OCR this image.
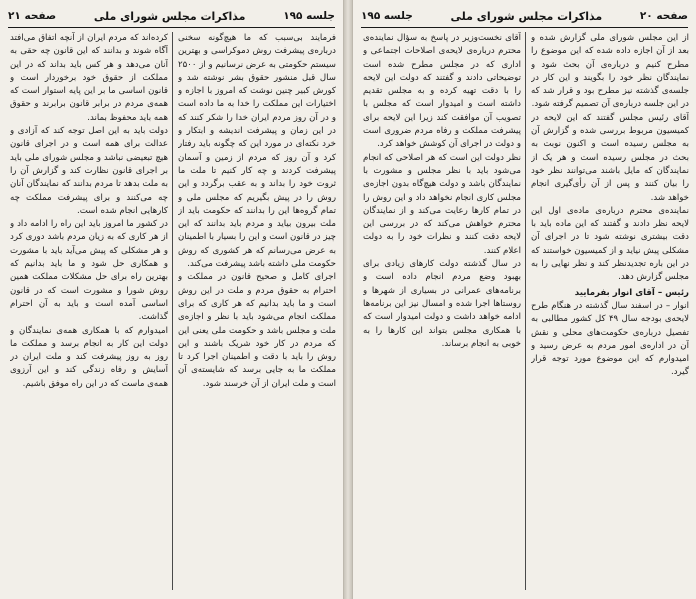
جلسه ۱۹۵
مذاکرات مجلس شورای ملی
صفحه ۲۱

فرمایند بی‌سبب که ما هیچ‌گونه سخنی درباره‌ی پیشرفت روش دموکراسی و بهترین سیستم حکومتی به عرض نرسانیم و از ۲۵۰۰ سال قبل منشور حقوق بشر نوشته شد و کورش کبیر چنین نوشت که امروز با اجازه و اختیارات این مملکت را خدا به ما داده است و در آن روز مردم ایران خدا را شکر کنند که در این زمان و پیشرفت اندیشه و ابتکار و خرد نکته‌ای در مورد این که چگونه باید رفتار کرد و آن روز که مردم از زمین و آسمان پیشرفت کردند و چه کار کنیم تا ملت ما ثروت خود را بداند و به عقب برگردد و این روش را در پیش بگیریم که مجلس ملی و تمام گروه‌ها این را بدانند که حکومت باید از ملت بیرون بیاید و مردم باید بدانند که این چیز در قانون است و این را بسیار با اطمینان به عرض می‌رسانم که هر کشوری که روش حکومت ملی داشته باشد پیشرفت می‌کند.

اجرای کامل و صحیح قانون در مملکت و احترام به حقوق مردم و ملت در این روش است و ما باید بدانیم که هر کاری که برای مملکت انجام می‌شود باید با نظر و اجازه‌ی ملت و مجلس باشد و حکومت ملی یعنی این که مردم در کار خود شریک باشند و این روش را باید با دقت و اطمینان اجرا کرد تا مملکت ما به جایی برسد که شایسته‌ی آن است و ملت ایران از آن خرسند شود.

کرده‌اند که مردم ایران از آنچه اتفاق می‌افتد آگاه شوند و بدانند که این قانون چه حقی به آنان می‌دهد و هر کس باید بداند که در این مملکت از حقوق خود برخوردار است و قانون اساسی ما بر این پایه استوار است که همه‌ی مردم در برابر قانون برابرند و حقوق همه باید محفوظ بماند.

دولت باید به این اصل توجه کند که آزادی و عدالت برای همه است و در اجرای قانون هیچ تبعیضی نباشد و مجلس شورای ملی باید بر اجرای قانون نظارت کند و گزارش آن را به ملت بدهد تا مردم بدانند که نمایندگان آنان چه می‌کنند و برای پیشرفت مملکت چه کارهایی انجام شده است.

در کشور ما امروز باید این راه را ادامه داد و از هر کاری که به زیان مردم باشد دوری کرد و هر مشکلی که پیش می‌آید باید با مشورت و همکاری حل شود و ما باید بدانیم که بهترین راه برای حل مشکلات مملکت همین روش شورا و مشورت است که در قانون اساسی آمده است و باید به آن احترام گذاشت.

امیدوارم که با همکاری همه‌ی نمایندگان و دولت این کار به انجام برسد و مملکت ما روز به روز پیشرفت کند و ملت ایران در آسایش و رفاه زندگی کند و این آرزوی همه‌ی ماست که در این راه موفق باشیم.

صفحه ۲۰
مذاکرات مجلس شورای ملی
جلسه ۱۹۵

از این مجلس شورای ملی گزارش شده و بعد از آن اجازه داده شده که این موضوع را مطرح کنیم و درباره‌ی آن بحث شود و نمایندگان نظر خود را بگویند و این کار در جلسه‌ی گذشته نیز مطرح بود و قرار شد که در این جلسه درباره‌ی آن تصمیم گرفته شود.

آقای رئیس مجلس گفتند که این لایحه در کمیسیون مربوط بررسی شده و گزارش آن به مجلس رسیده است و اکنون نوبت به بحث در مجلس رسیده است و هر یک از نمایندگان که مایل باشند می‌توانند نظر خود را بیان کنند و پس از آن رأی‌گیری انجام خواهد شد.

نماینده‌ی محترم درباره‌ی ماده‌ی اول این لایحه نظر دادند و گفتند که این ماده باید با دقت بیشتری نوشته شود تا در اجرای آن مشکلی پیش نیاید و از کمیسیون خواستند که در این باره تجدیدنظر کند و نظر نهایی را به مجلس گزارش دهد.

رئیس – آقای انوار بفرمایید

انوار – در اسفند سال گذشته در هنگام طرح لایحه‌ی بودجه سال ۴۹ کل کشور مطالبی به تفصیل درباره‌ی حکومت‌های محلی و نقش آن در اداره‌ی امور مردم به عرض رسید و امیدوارم که این موضوع مورد توجه قرار گیرد.

آقای نخست‌وزیر در پاسخ به سؤال نماینده‌ی محترم درباره‌ی لایحه‌ی اصلاحات اجتماعی و اداری که در مجلس مطرح شده است توضیحاتی دادند و گفتند که دولت این لایحه را با دقت تهیه کرده و به مجلس تقدیم داشته است و امیدوار است که مجلس با تصویب آن موافقت کند زیرا این لایحه برای پیشرفت مملکت و رفاه مردم ضروری است و دولت در اجرای آن کوشش خواهد کرد.

نظر دولت این است که هر اصلاحی که انجام می‌شود باید با نظر مجلس و مشورت با نمایندگان باشد و دولت هیچ‌گاه بدون اجازه‌ی مجلس کاری انجام نخواهد داد و این روش را در تمام کارها رعایت می‌کند و از نمایندگان محترم خواهش می‌کند که در بررسی این لایحه دقت کنند و نظرات خود را به دولت اعلام کنند.

در سال گذشته دولت کارهای زیادی برای بهبود وضع مردم انجام داده است و برنامه‌های عمرانی در بسیاری از شهرها و روستاها اجرا شده و امسال نیز این برنامه‌ها ادامه خواهد داشت و دولت امیدوار است که با همکاری مجلس بتواند این کارها را به خوبی به انجام برساند.
